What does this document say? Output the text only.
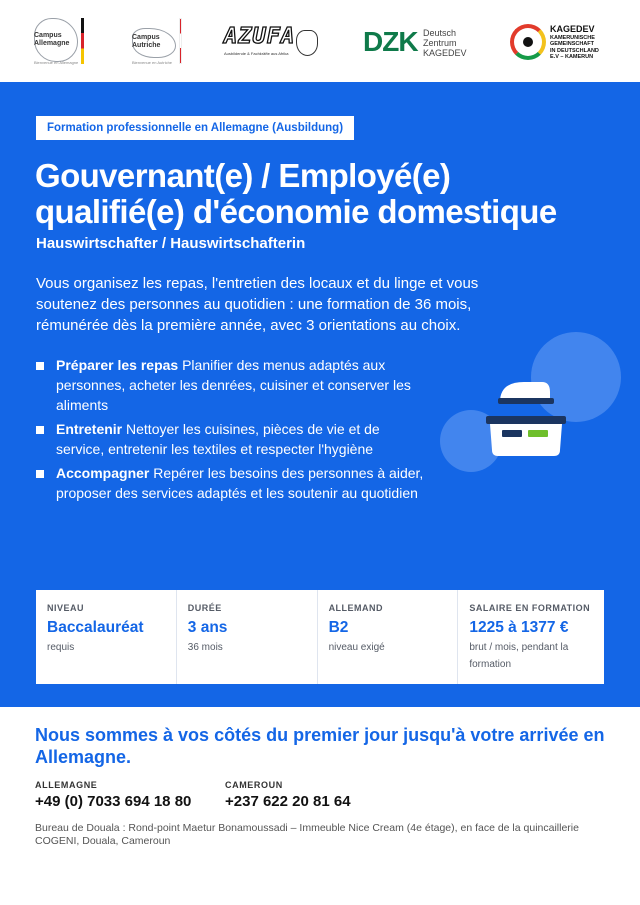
Campus Allemagne
Bienvenue en Allemagne
Campus Autriche
Bienvenue en Autriche
AZUFA
Ausbildende & Fachkräfte aus Afrika	DZK Deutsch
Zentrum
KAGEDEV
KAGEDEV
KAMERUNISCHE
GEMEINSCHAFT
IN DEUTSCHLAND
E.V – KAMERUN
Formation professionnelle en Allemagne (Ausbildung)
Gouvernant(e) / Employé(e)
qualifié(e) d'économie domestique
Hauswirtschafter / Hauswirtschafterin

Vous organisez les repas, l'entretien des locaux et du linge et vous soutenez des personnes au quotidien : une formation de 36 mois, rémunérée dès la première année, avec 3 orientations au choix.

Préparer les repas Planifier des menus adaptés aux personnes, acheter les denrées, cuisiner et conserver les aliments
Entretenir Nettoyer les cuisines, pièces de vie et de service, entretenir les textiles et respecter l'hygiène
Accompagner Repérer les besoins des personnes à aider, proposer des services adaptés et les soutenir au quotidien
NIVEAU
Baccalauréat
requis
DURÉE
3 ans
36 mois
ALLEMAND
B2
niveau exigé
SALAIRE EN FORMATION
1225 à 1377 €
brut / mois, pendant la formation
Nous sommes à vos côtés du premier jour jusqu'à votre arrivée en Allemagne.
ALLEMAGNE
+49 (0) 7033 694 18 80
CAMEROUN
+237 622 20 81 64
Bureau de Douala : Rond-point Maetur Bonamoussadi – Immeuble Nice Cream (4e étage), en face de la quincaillerie COGENI, Douala, Cameroun
